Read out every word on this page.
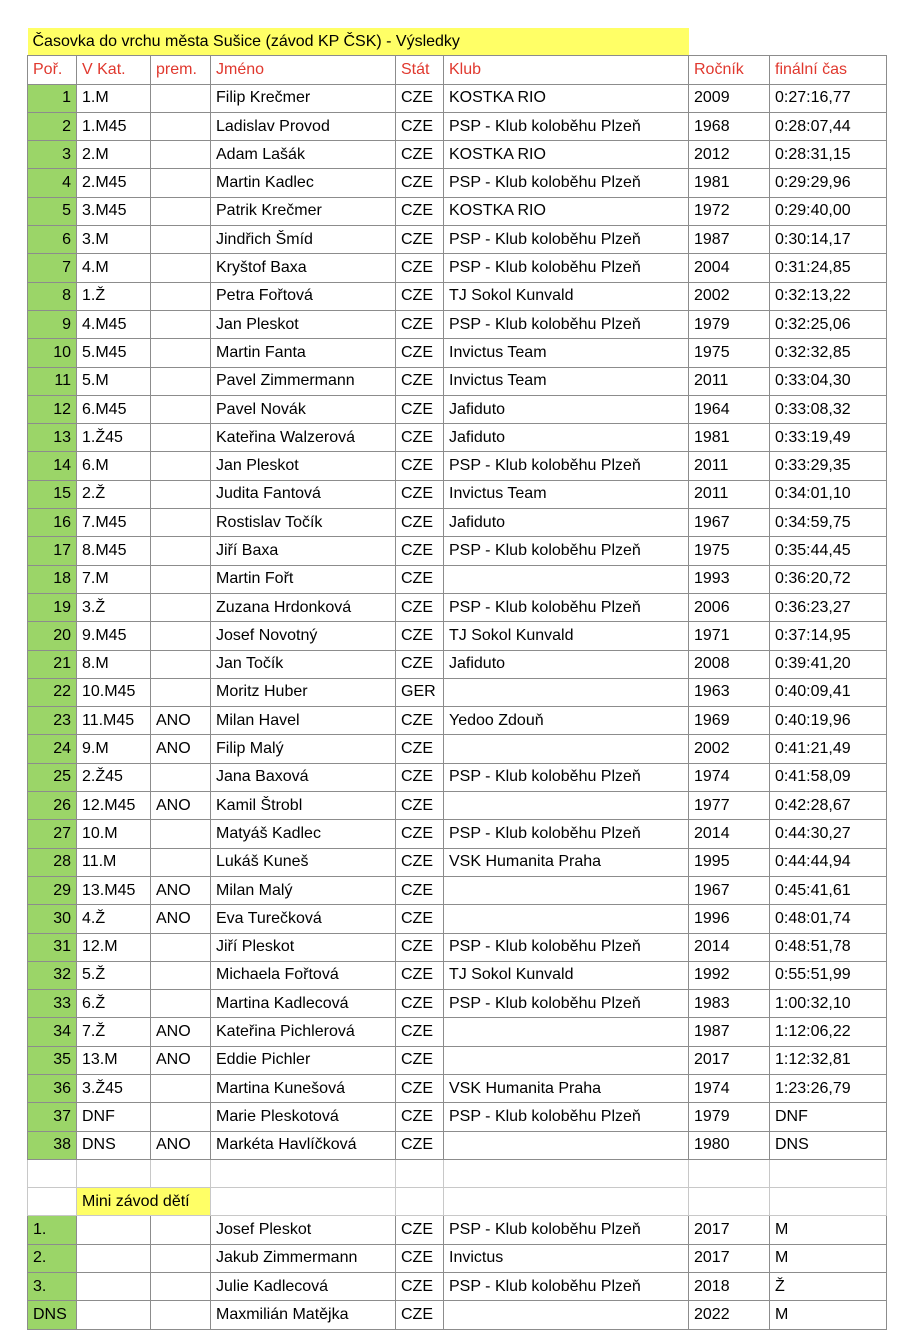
Časovka do vrchu města Sušice (závod KP ČSK) - Výsledky							
Poř.	V Kat.	prem.	Jméno	Stát	Klub	Ročník	finální čas
1	1.M		Filip Krečmer	CZE	KOSTKA RIO	2009	0:27:16,77
2	1.M45		Ladislav Provod	CZE	PSP - Klub koloběhu Plzeň	1968	0:28:07,44
3	2.M		Adam Lašák	CZE	KOSTKA RIO	2012	0:28:31,15
4	2.M45		Martin Kadlec	CZE	PSP - Klub koloběhu Plzeň	1981	0:29:29,96
5	3.M45		Patrik Krečmer	CZE	KOSTKA RIO	1972	0:29:40,00
6	3.M		Jindřich Šmíd	CZE	PSP - Klub koloběhu Plzeň	1987	0:30:14,17
7	4.M		Kryštof Baxa	CZE	PSP - Klub koloběhu Plzeň	2004	0:31:24,85
8	1.Ž		Petra Fořtová	CZE	TJ Sokol Kunvald	2002	0:32:13,22
9	4.M45		Jan Pleskot	CZE	PSP - Klub koloběhu Plzeň	1979	0:32:25,06
10	5.M45		Martin Fanta	CZE	Invictus Team	1975	0:32:32,85
11	5.M		Pavel Zimmermann	CZE	Invictus Team	2011	0:33:04,30
12	6.M45		Pavel Novák	CZE	Jafiduto	1964	0:33:08,32
13	1.Ž45		Kateřina Walzerová	CZE	Jafiduto	1981	0:33:19,49
14	6.M		Jan Pleskot	CZE	PSP - Klub koloběhu Plzeň	2011	0:33:29,35
15	2.Ž		Judita Fantová	CZE	Invictus Team	2011	0:34:01,10
16	7.M45		Rostislav Točík	CZE	Jafiduto	1967	0:34:59,75
17	8.M45		Jiří Baxa	CZE	PSP - Klub koloběhu Plzeň	1975	0:35:44,45
18	7.M		Martin Fořt	CZE		1993	0:36:20,72
19	3.Ž		Zuzana Hrdonková	CZE	PSP - Klub koloběhu Plzeň	2006	0:36:23,27
20	9.M45		Josef Novotný	CZE	TJ Sokol Kunvald	1971	0:37:14,95
21	8.M		Jan Točík	CZE	Jafiduto	2008	0:39:41,20
22	10.M45		Moritz Huber	GER		1963	0:40:09,41
23	11.M45	ANO	Milan Havel	CZE	Yedoo Zdouň	1969	0:40:19,96
24	9.M	ANO	Filip Malý	CZE		2002	0:41:21,49
25	2.Ž45		Jana Baxová	CZE	PSP - Klub koloběhu Plzeň	1974	0:41:58,09
26	12.M45	ANO	Kamil Štrobl	CZE		1977	0:42:28,67
27	10.M		Matyáš Kadlec	CZE	PSP - Klub koloběhu Plzeň	2014	0:44:30,27
28	11.M		Lukáš Kuneš	CZE	VSK Humanita Praha	1995	0:44:44,94
29	13.M45	ANO	Milan Malý	CZE		1967	0:45:41,61
30	4.Ž	ANO	Eva Turečková	CZE		1996	0:48:01,74
31	12.M		Jiří Pleskot	CZE	PSP - Klub koloběhu Plzeň	2014	0:48:51,78
32	5.Ž		Michaela Fořtová	CZE	TJ Sokol Kunvald	1992	0:55:51,99
33	6.Ž		Martina Kadlecová	CZE	PSP - Klub koloběhu Plzeň	1983	1:00:32,10
34	7.Ž	ANO	Kateřina Pichlerová	CZE		1987	1:12:06,22
35	13.M	ANO	Eddie Pichler	CZE		2017	1:12:32,81
36	3.Ž45		Martina Kunešová	CZE	VSK Humanita Praha	1974	1:23:26,79
37	DNF		Marie Pleskotová	CZE	PSP - Klub koloběhu Plzeň	1979	DNF
38	DNS	ANO	Markéta Havlíčková	CZE		1980	DNS

	Mini závod dětí						
1.			Josef Pleskot	CZE	PSP - Klub koloběhu Plzeň	2017	M
2.			Jakub Zimmermann	CZE	Invictus	2017	M
3.			Julie Kadlecová	CZE	PSP - Klub koloběhu Plzeň	2018	Ž
DNS			Maxmilián Matějka	CZE		2022	M
